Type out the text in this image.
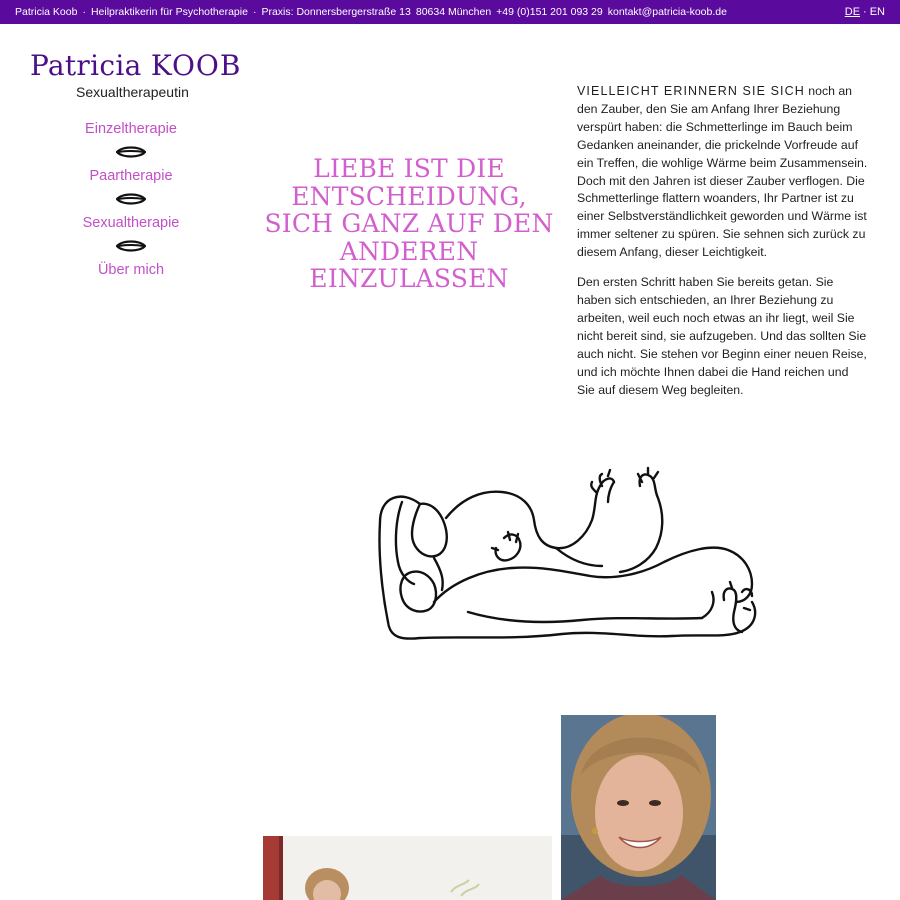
Patricia Koob · Heilpraktikerin für Psychotherapie · Praxis: Donnersbergerstraße 13 80634 München +49 (0)151 201 093 29 kontakt@patricia-koob.de	DE · EN
Patricia KOOB
Sexualtherapeutin
Einzeltherapie
Paartherapie
Sexualtherapie
Über mich
LIEBE IST DIE ENTSCHEIDUNG, SICH GANZ AUF DEN ANDEREN EINZULASSEN

VIELLEICHT ERINNERN SIE SICH noch an den Zauber, den Sie am Anfang Ihrer Beziehung verspürt haben: die Schmetterlinge im Bauch beim Gedanken aneinander, die prickelnde Vorfreude auf ein Treffen, die wohlige Wärme beim Zusammensein. Doch mit den Jahren ist dieser Zauber verflogen. Die Schmetterlinge flattern woanders, Ihr Partner ist zu einer Selbstverständlichkeit geworden und Wärme ist immer seltener zu spüren. Sie sehnen sich zurück zu diesem Anfang, dieser Leichtigkeit.

Den ersten Schritt haben Sie bereits getan. Sie haben sich entschieden, an Ihrer Beziehung zu arbeiten, weil euch noch etwas an ihr liegt, weil Sie nicht bereit sind, sie aufzugeben. Und das sollten Sie auch nicht. Sie stehen vor Beginn einer neuen Reise, und ich möchte Ihnen dabei die Hand reichen und Sie auf diesem Weg begleiten.
